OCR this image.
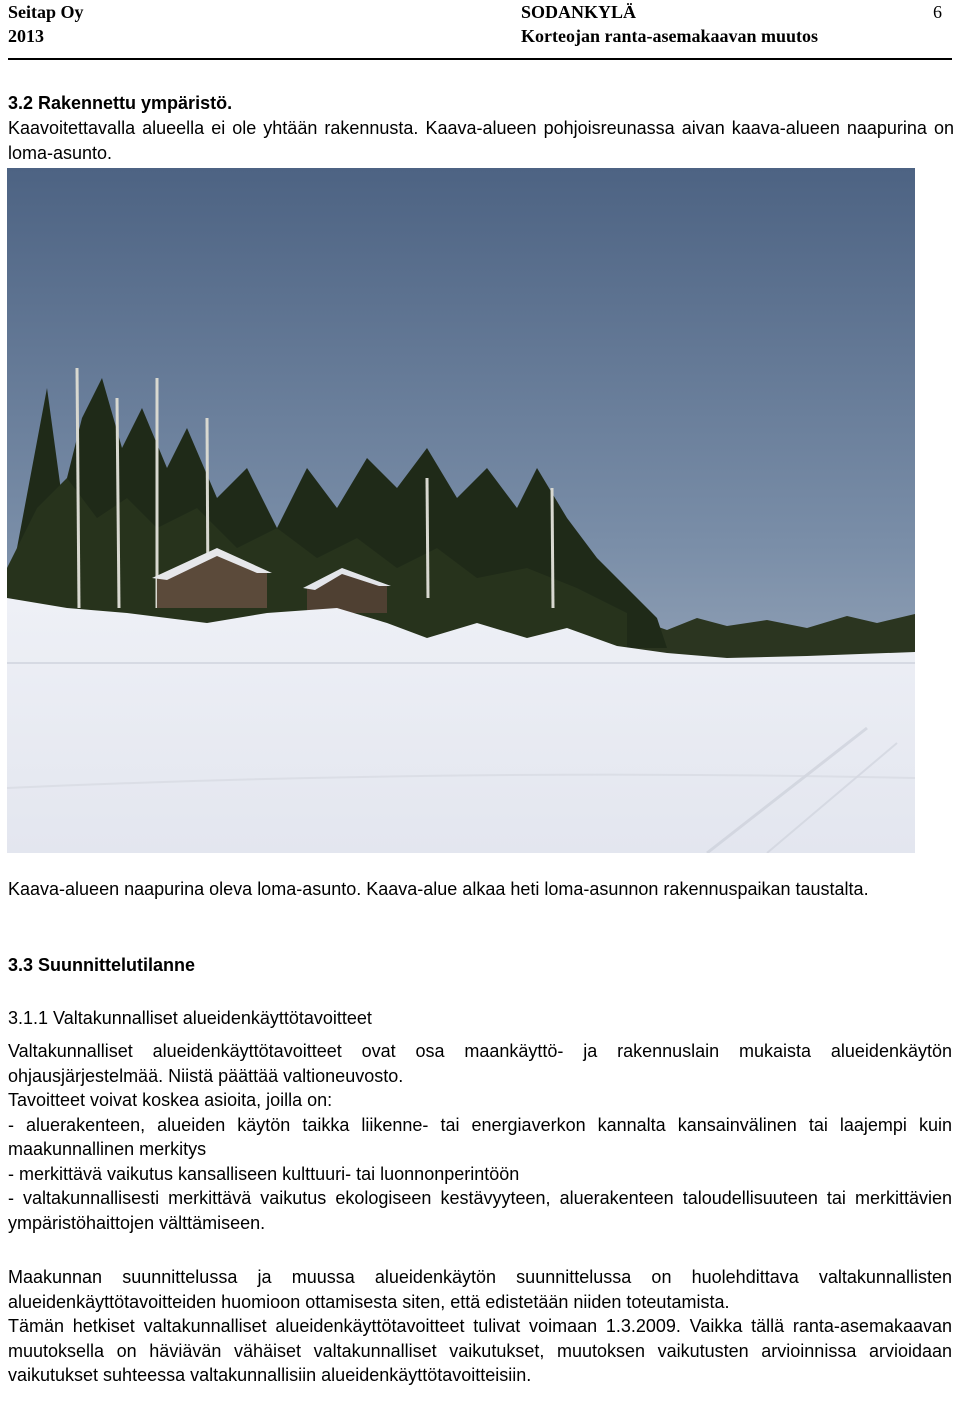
Seitap Oy
2013
SODANKYLÄ
Korteojan ranta-asemakaavan muutos
6
3.2 Rakennettu ympäristö.
Kaavoitettavalla alueella ei ole yhtään rakennusta. Kaava-alueen pohjoisreunassa aivan kaava-alueen naapurina on loma-asunto.
Kaava-alueen naapurina oleva loma-asunto. Kaava-alue alkaa heti loma-asunnon rakennuspaikan taustalta.
3.3 Suunnittelutilanne
3.1.1 Valtakunnalliset alueidenkäyttötavoitteet

Valtakunnalliset alueidenkäyttötavoitteet ovat osa maankäyttö- ja rakennuslain mukaista alueidenkäytön ohjausjärjestelmää. Niistä päättää valtioneuvosto.

Tavoitteet voivat koskea asioita, joilla on:

- aluerakenteen, alueiden käytön taikka liikenne- tai energiaverkon kannalta kansainvälinen tai laajempi kuin maakunnallinen merkitys

- merkittävä vaikutus kansalliseen kulttuuri- tai luonnonperintöön

- valtakunnallisesti merkittävä vaikutus ekologiseen kestävyyteen, aluerakenteen taloudellisuuteen tai merkittävien ympäristöhaittojen välttämiseen.

Maakunnan suunnittelussa ja muussa alueidenkäytön suunnittelussa on huolehdittava valtakunnallisten alueidenkäyttötavoitteiden huomioon ottamisesta siten, että edistetään niiden toteutamista.

Tämän hetkiset valtakunnalliset alueidenkäyttötavoitteet tulivat voimaan 1.3.2009. Vaikka tällä ranta-asemakaavan muutoksella on häviävän vähäiset valtakunnalliset vaikutukset, muutoksen vaikutusten arvioinnissa arvioidaan vaikutukset suhteessa valtakunnallisiin alueidenkäyttötavoitteisiin.
